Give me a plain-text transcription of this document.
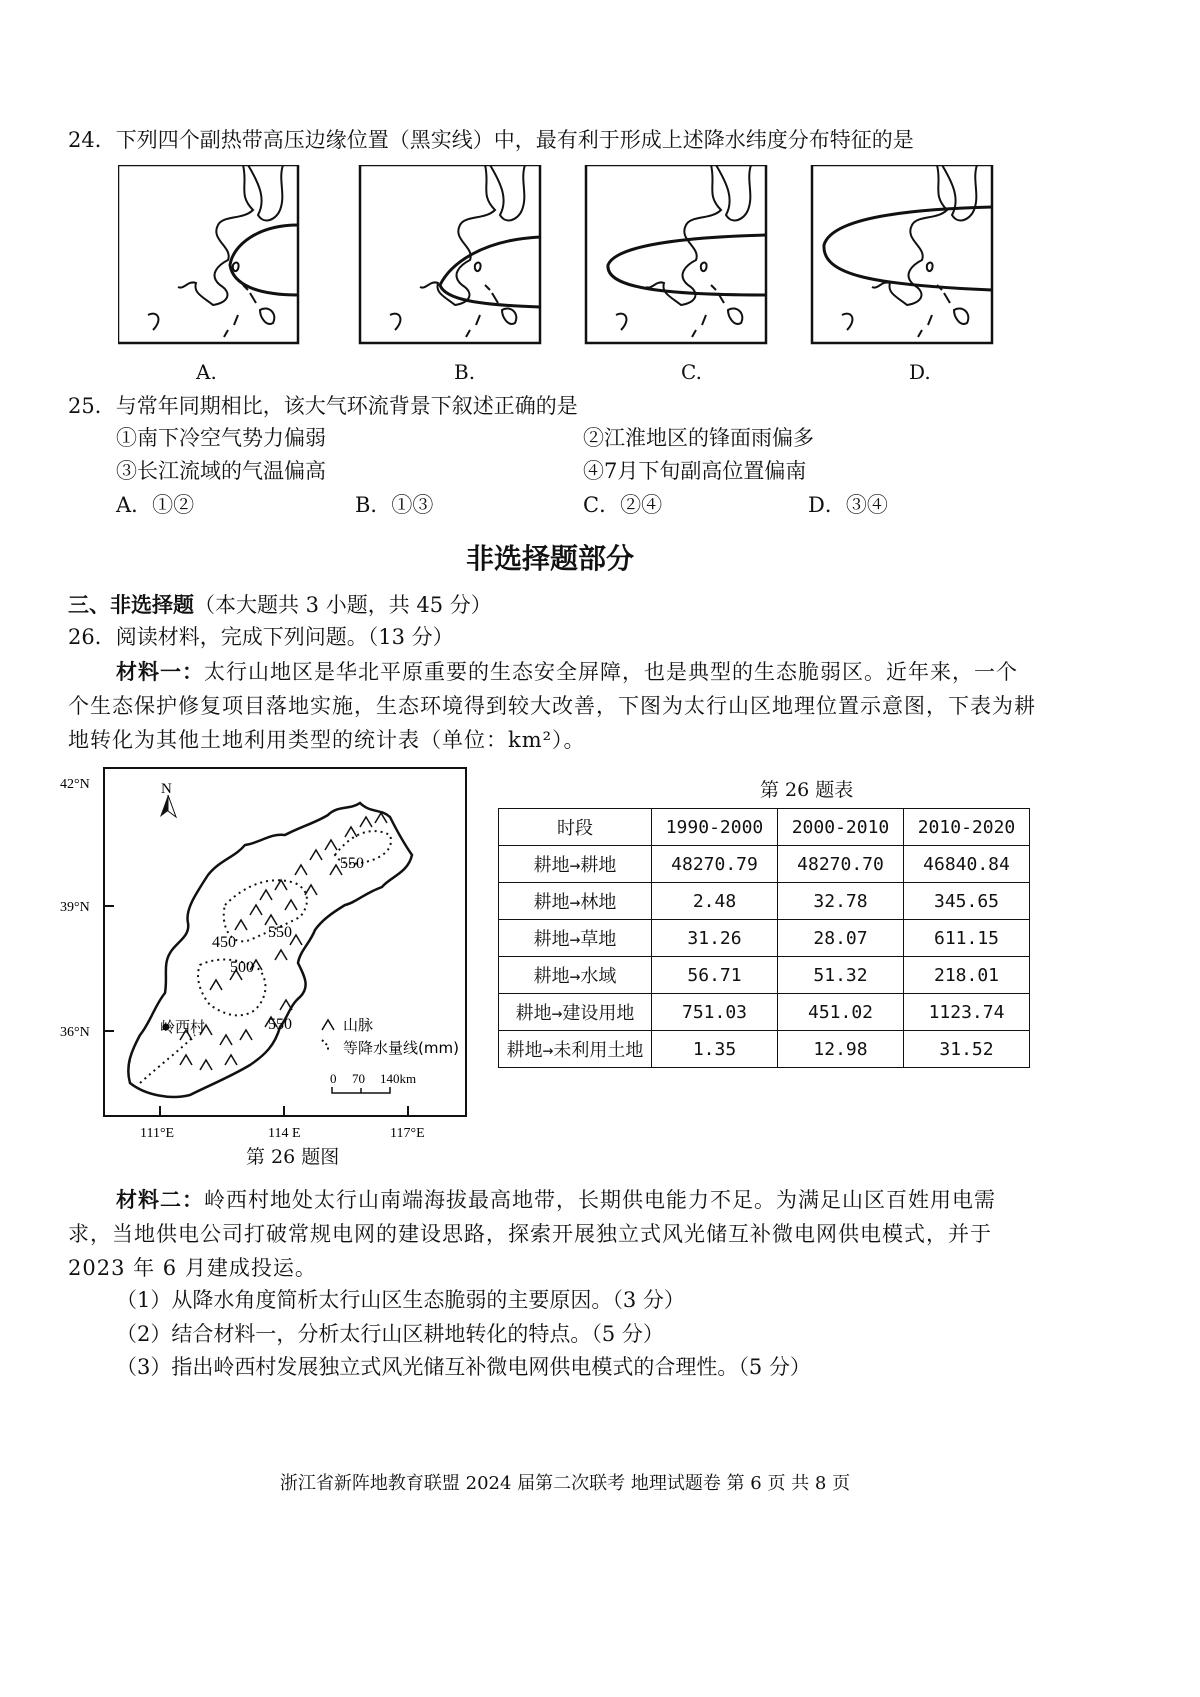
24．下列四个副热带高压边缘位置（黑实线）中，最有利于形成上述降水纬度分布特征的是
A.	B.	C.	D.
25．与常年同期相比，该大气环流背景下叙述正确的是
①南下冷空气势力偏弱	②江淮地区的锋面雨偏多
③长江流域的气温偏高	④7月下旬副高位置偏南
A．①②	B．①③	C．②④	D．③④
非选择题部分
三、非选择题（本大题共 3 小题，共 45 分）
26．阅读材料，完成下列问题。（13 分）
材料一：太行山地区是华北平原重要的生态安全屏障，也是典型的生态脆弱区。近年来，一个个生态保护修复项目落地实施，生态环境得到较大改善，下图为太行山区地理位置示意图，下表为耕地转化为其他土地利用类型的统计表（单位：km²）。
42°N
39°N
36°N
111°E	114 E	117°E
N
550
450
550
500
550
岭西村	山脉
等降水量线(mm)
0 70 140km
第 26 题图
第 26 题表
时段	1990-2000	2000-2010	2010-2020
耕地→耕地	48270.79	48270.70	46840.84
耕地→林地	2.48	32.78	345.65
耕地→草地	31.26	28.07	611.15
耕地→水域	56.71	51.32	218.01
耕地→建设用地	751.03	451.02	1123.74
耕地→未利用土地	1.35	12.98	31.52
材料二：岭西村地处太行山南端海拔最高地带，长期供电能力不足。为满足山区百姓用电需求，当地供电公司打破常规电网的建设思路，探索开展独立式风光储互补微电网供电模式，并于 2023 年 6 月建成投运。
（1）从降水角度简析太行山区生态脆弱的主要原因。（3 分）
（2）结合材料一，分析太行山区耕地转化的特点。（5 分）
（3）指出岭西村发展独立式风光储互补微电网供电模式的合理性。（5 分）
浙江省新阵地教育联盟 2024 届第二次联考 地理试题卷 第 6 页 共 8 页
